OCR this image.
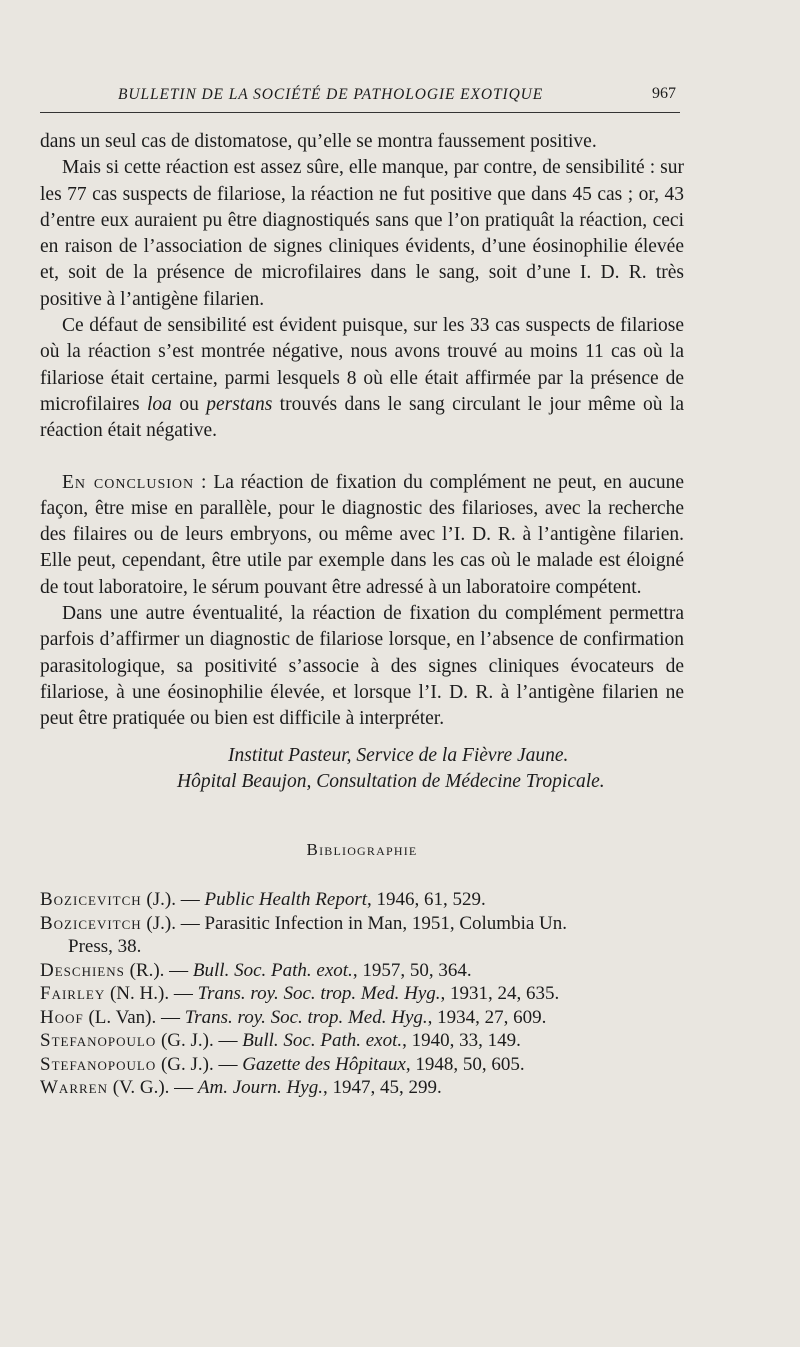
BULLETIN DE LA SOCIÉTÉ DE PATHOLOGIE EXOTIQUE	967

dans un seul cas de distomatose, qu’elle se montra faussement positive.

Mais si cette réaction est assez sûre, elle manque, par contre, de sensibilité : sur les 77 cas suspects de filariose, la réaction ne fut positive que dans 45 cas ; or, 43 d’entre eux auraient pu être diagnostiqués sans que l’on pratiquât la réaction, ceci en raison de l’association de signes cliniques évidents, d’une éosinophilie élevée et, soit de la présence de microfilaires dans le sang, soit d’une I. D. R. très positive à l’antigène filarien.

Ce défaut de sensibilité est évident puisque, sur les 33 cas suspects de filariose où la réaction s’est montrée négative, nous avons trouvé au moins 11 cas où la filariose était certaine, parmi lesquels 8 où elle était affirmée par la présence de microfilaires loa ou perstans trouvés dans le sang circulant le jour même où la réaction était négative.

En conclusion : La réaction de fixation du complément ne peut, en aucune façon, être mise en parallèle, pour le diagnostic des filarioses, avec la recherche des filaires ou de leurs embryons, ou même avec l’I. D. R. à l’antigène filarien. Elle peut, cependant, être utile par exemple dans les cas où le malade est éloigné de tout laboratoire, le sérum pouvant être adressé à un laboratoire compétent.

Dans une autre éventualité, la réaction de fixation du complément permettra parfois d’affirmer un diagnostic de filariose lorsque, en l’absence de confirmation parasitologique, sa positivité s’associe à des signes cliniques évocateurs de filariose, à une éosinophilie élevée, et lorsque l’I. D. R. à l’antigène filarien ne peut être pratiquée ou bien est difficile à interpréter.

Institut Pasteur, Service de la Fièvre Jaune.
Hôpital Beaujon, Consultation de Médecine Tropicale.
Bibliographie
Bozicevitch (J.). — Public Health Report, 1946, 61, 529.
Bozicevitch (J.). — Parasitic Infection in Man, 1951, Columbia Un.
Press, 38.
Deschiens (R.). — Bull. Soc. Path. exot., 1957, 50, 364.
Fairley (N. H.). — Trans. roy. Soc. trop. Med. Hyg., 1931, 24, 635.
Hoof (L. Van). — Trans. roy. Soc. trop. Med. Hyg., 1934, 27, 609.
Stefanopoulo (G. J.). — Bull. Soc. Path. exot., 1940, 33, 149.
Stefanopoulo (G. J.). — Gazette des Hôpitaux, 1948, 50, 605.
Warren (V. G.). — Am. Journ. Hyg., 1947, 45, 299.
